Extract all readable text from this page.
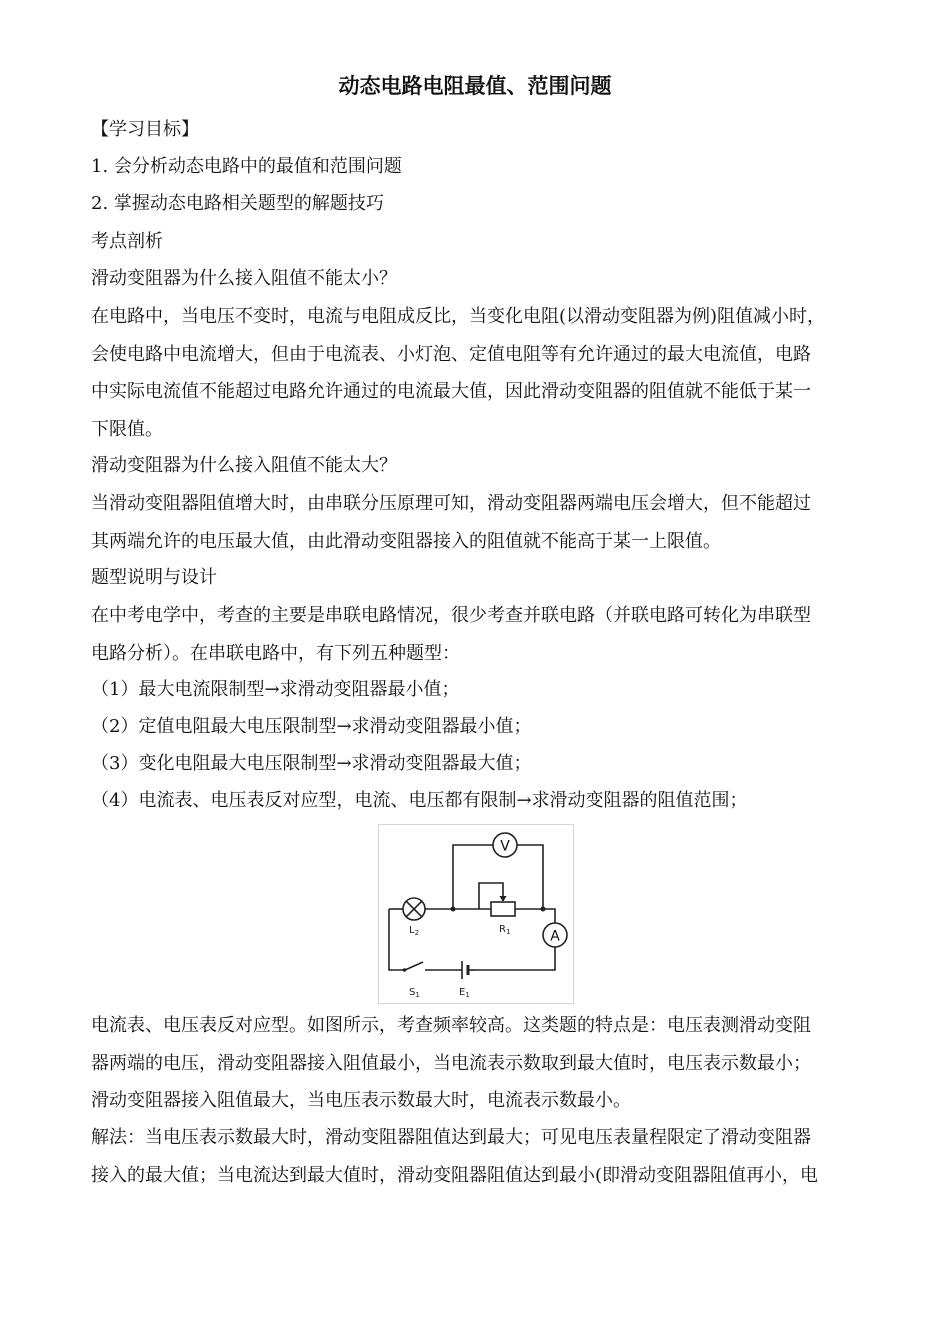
动态电路电阻最值、范围问题
【学习目标】
1. 会分析动态电路中的最值和范围问题
2. 掌握动态电路相关题型的解题技巧
考点剖析
滑动变阻器为什么接入阻值不能太小？
在电路中，当电压不变时，电流与电阻成反比，当变化电阻(以滑动变阻器为例)阻值减小时，
会使电路中电流增大，但由于电流表、小灯泡、定值电阻等有允许通过的最大电流值，电路
中实际电流值不能超过电路允许通过的电流最大值，因此滑动变阻器的阻值就不能低于某一
下限值。
滑动变阻器为什么接入阻值不能太大？
当滑动变阻器阻值增大时，由串联分压原理可知，滑动变阻器两端电压会增大，但不能超过
其两端允许的电压最大值，由此滑动变阻器接入的阻值就不能高于某一上限值。
题型说明与设计
在中考电学中，考查的主要是串联电路情况，很少考查并联电路（并联电路可转化为串联型
电路分析）。在串联电路中，有下列五种题型：
（1）最大电流限制型→求滑动变阻器最小值；
（2）定值电阻最大电压限制型→求滑动变阻器最小值；
（3）变化电阻最大电压限制型→求滑动变阻器最大值；
（4）电流表、电压表反对应型，电流、电压都有限制→求滑动变阻器的阻值范围；
V
A
$L_2$	$R_1$
$S_1$	$E_1$
电流表、电压表反对应型。如图所示，考查频率较高。这类题的特点是：电压表测滑动变阻
器两端的电压，滑动变阻器接入阻值最小，当电流表示数取到最大值时，电压表示数最小；
滑动变阻器接入阻值最大，当电压表示数最大时，电流表示数最小。
解法：当电压表示数最大时，滑动变阻器阻值达到最大；可见电压表量程限定了滑动变阻器
接入的最大值；当电流达到最大值时，滑动变阻器阻值达到最小(即滑动变阻器阻值再小，电
